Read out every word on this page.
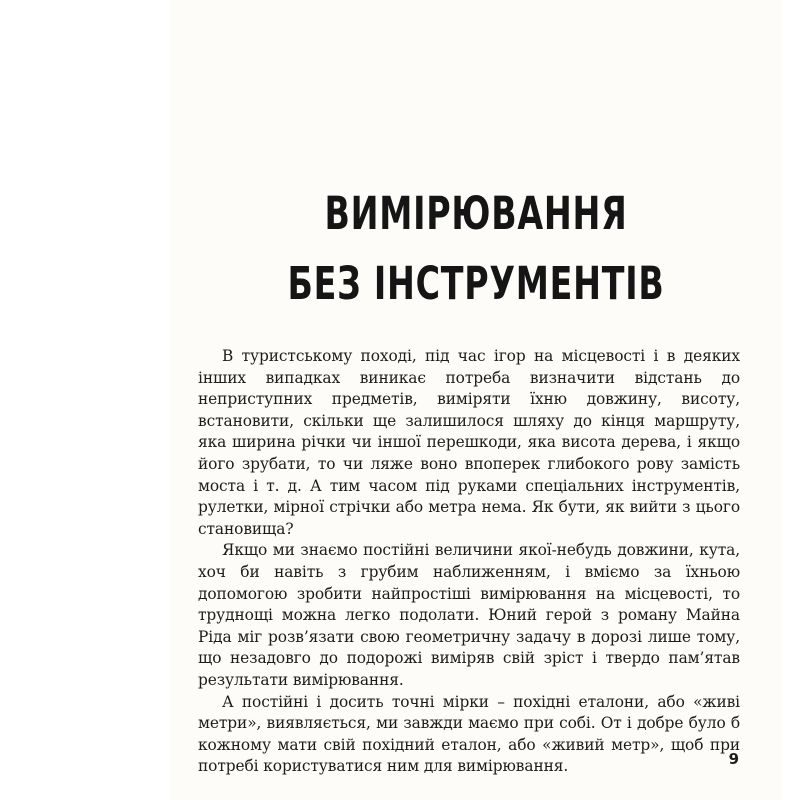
ВИМІРЮВАННЯ
БЕЗ ІНСТРУМЕНТІВ

В туристському поході, під час ігор на місцевості і в деяких інших випадках виникає потреба визначити відстань до неприступних предметів, виміряти їхню довжину, висоту, встановити, скільки ще залишилося шляху до кінця маршруту, яка ширина річки чи іншої перешкоди, яка висота дерева, і якщо його зрубати, то чи ляже воно впоперек глибокого рову замість моста і т. д. А тим часом під руками спеціальних інструментів, рулетки, мірної стрічки або метра нема. Як бути, як вийти з цього становища?

Якщо ми знаємо постійні величини якої-небудь довжини, кута, хоч би навіть з грубим наближенням, і вміємо за їхньою допомогою зробити найпростіші вимірювання на місцевості, то труднощі можна легко подолати. Юний герой з роману Майна Ріда міг розв’язати свою геометричну задачу в дорозі лише тому, що незадовго до подорожі виміряв свій зріст і твердо пам’ятав результати вимірювання.

А постійні і досить точні мірки – похідні еталони, або «живі метри», виявляється, ми завжди маємо при собі. От і добре було б кожному мати свій похідний еталон, або «живий метр», щоб при потребі користуватися ним для вимірювання.	9
